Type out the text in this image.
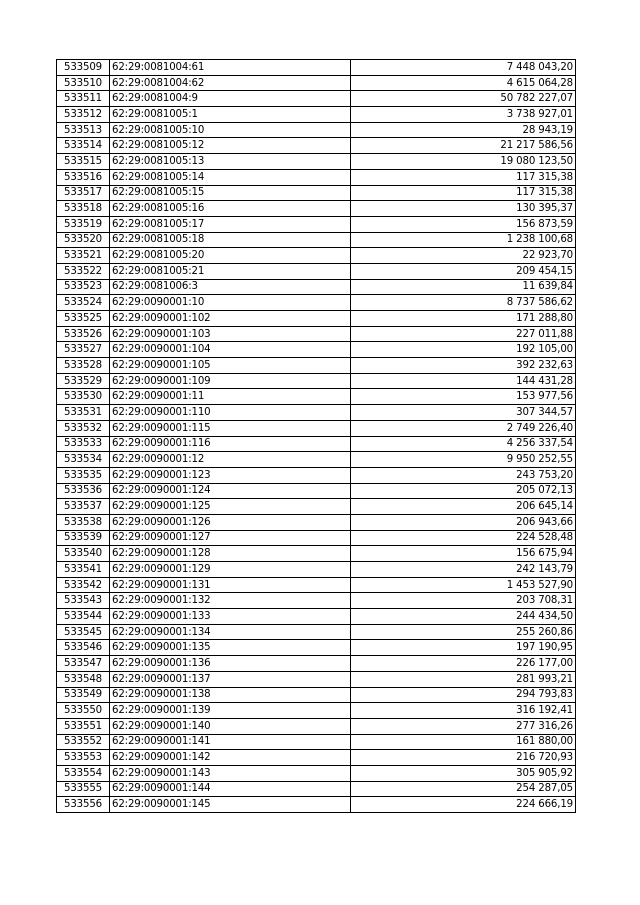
533509	62:29:0081004:61	7 448 043,20
533510	62:29:0081004:62	4 615 064,28
533511	62:29:0081004:9	50 782 227,07
533512	62:29:0081005:1	3 738 927,01
533513	62:29:0081005:10	28 943,19
533514	62:29:0081005:12	21 217 586,56
533515	62:29:0081005:13	19 080 123,50
533516	62:29:0081005:14	117 315,38
533517	62:29:0081005:15	117 315,38
533518	62:29:0081005:16	130 395,37
533519	62:29:0081005:17	156 873,59
533520	62:29:0081005:18	1 238 100,68
533521	62:29:0081005:20	22 923,70
533522	62:29:0081005:21	209 454,15
533523	62:29:0081006:3	11 639,84
533524	62:29:0090001:10	8 737 586,62
533525	62:29:0090001:102	171 288,80
533526	62:29:0090001:103	227 011,88
533527	62:29:0090001:104	192 105,00
533528	62:29:0090001:105	392 232,63
533529	62:29:0090001:109	144 431,28
533530	62:29:0090001:11	153 977,56
533531	62:29:0090001:110	307 344,57
533532	62:29:0090001:115	2 749 226,40
533533	62:29:0090001:116	4 256 337,54
533534	62:29:0090001:12	9 950 252,55
533535	62:29:0090001:123	243 753,20
533536	62:29:0090001:124	205 072,13
533537	62:29:0090001:125	206 645,14
533538	62:29:0090001:126	206 943,66
533539	62:29:0090001:127	224 528,48
533540	62:29:0090001:128	156 675,94
533541	62:29:0090001:129	242 143,79
533542	62:29:0090001:131	1 453 527,90
533543	62:29:0090001:132	203 708,31
533544	62:29:0090001:133	244 434,50
533545	62:29:0090001:134	255 260,86
533546	62:29:0090001:135	197 190,95
533547	62:29:0090001:136	226 177,00
533548	62:29:0090001:137	281 993,21
533549	62:29:0090001:138	294 793,83
533550	62:29:0090001:139	316 192,41
533551	62:29:0090001:140	277 316,26
533552	62:29:0090001:141	161 880,00
533553	62:29:0090001:142	216 720,93
533554	62:29:0090001:143	305 905,92
533555	62:29:0090001:144	254 287,05
533556	62:29:0090001:145	224 666,19
